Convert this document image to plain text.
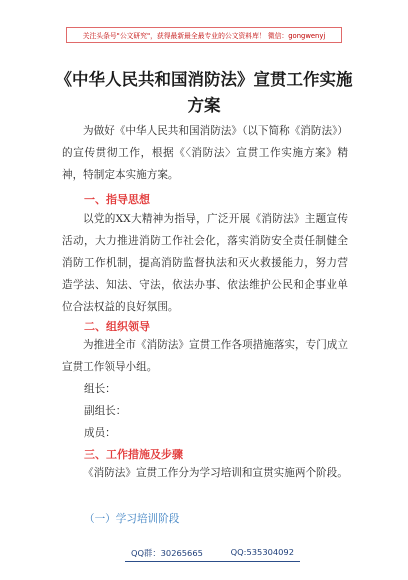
关注头条号"公文研究"，获得最新最全最专业的公文资料库！ 微信：gongwenyj
《中华人民共和国消防法》宣贯工作实施
方案
为做好《中华人民共和国消防法》（以下简称《消防法》）的宣传贯彻工作，根据《〈消防法〉宣贯工作实施方案》精神，特制定本实施方案。
一、指导思想
以党的XX大精神为指导，广泛开展《消防法》主题宣传活动，大力推进消防工作社会化，落实消防安全责任制健全消防工作机制，提高消防监督执法和灭火救援能力，努力营造学法、知法、守法，依法办事、依法维护公民和企事业单位合法权益的良好氛围。
二、组织领导
为推进全市《消防法》宣贯工作各项措施落实，专门成立宣贯工作领导小组。
组长：
副组长：
成员：
三、工作措施及步骤
《消防法》宣贯工作分为学习培训和宣贯实施两个阶段。
（一）学习培训阶段
QQ群：30265665	QQ:535304092
